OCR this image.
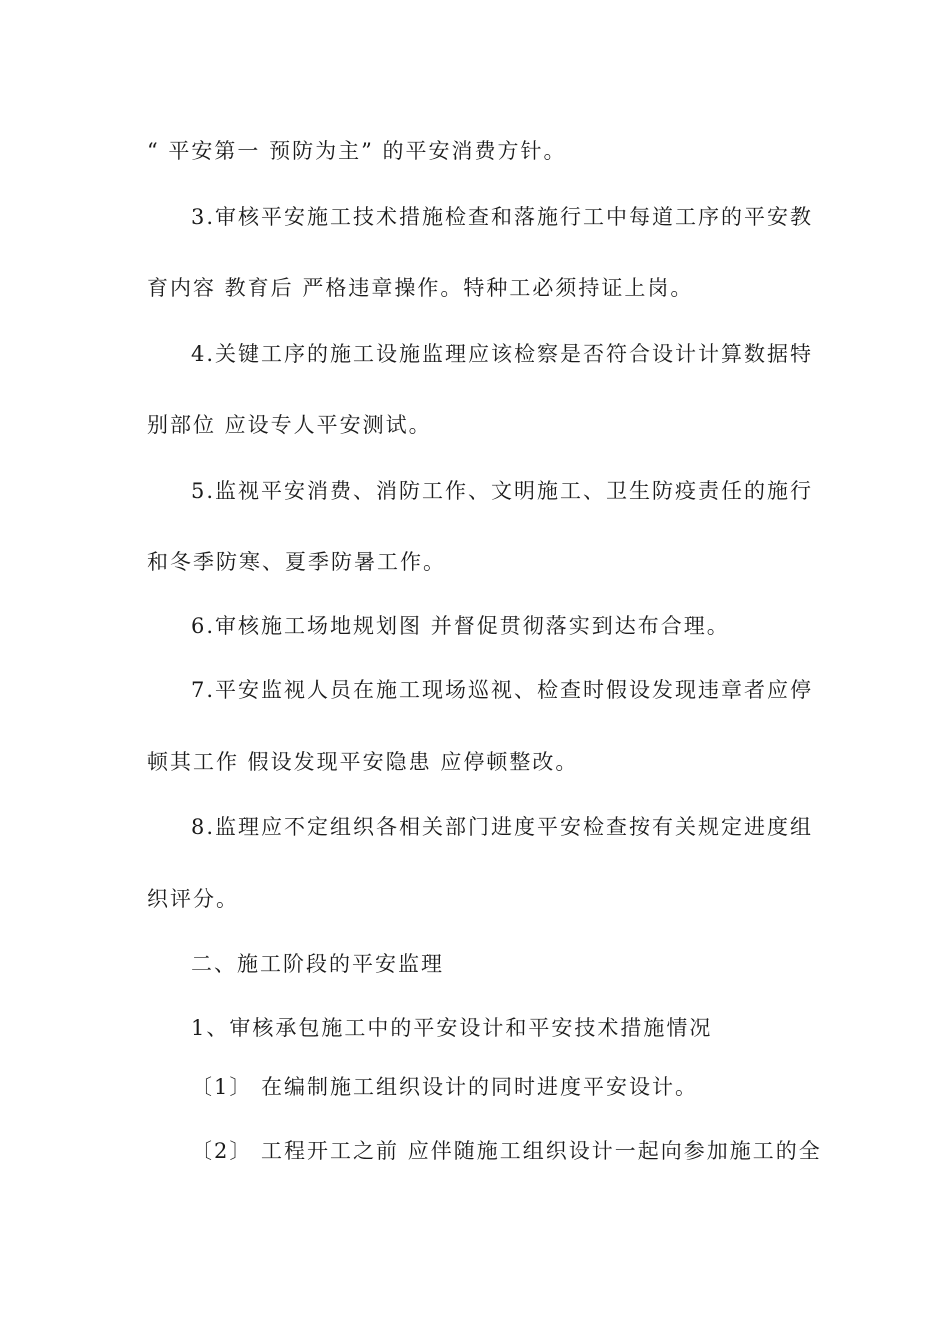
“ 平安第一 预防为主” 的平安消费方针。

3.审核平安施工技术措施检查和落施行工中每道工序的平安教

育内容 教育后 严格违章操作。特种工必须持证上岗。

4.关键工序的施工设施监理应该检察是否符合设计计算数据特

别部位 应设专人平安测试。

5.监视平安消费、消防工作、文明施工、卫生防疫责任的施行

和冬季防寒、夏季防暑工作。

6.审核施工场地规划图 并督促贯彻落实到达布合理。

7.平安监视人员在施工现场巡视、检查时假设发现违章者应停

顿其工作 假设发现平安隐患 应停顿整改。

8.监理应不定组织各相关部门进度平安检查按有关规定进度组

织评分。

二、施工阶段的平安监理

1、审核承包施工中的平安设计和平安技术措施情况

〔1〕 在编制施工组织设计的同时进度平安设计。

〔2〕 工程开工之前 应伴随施工组织设计一起向参加施工的全
